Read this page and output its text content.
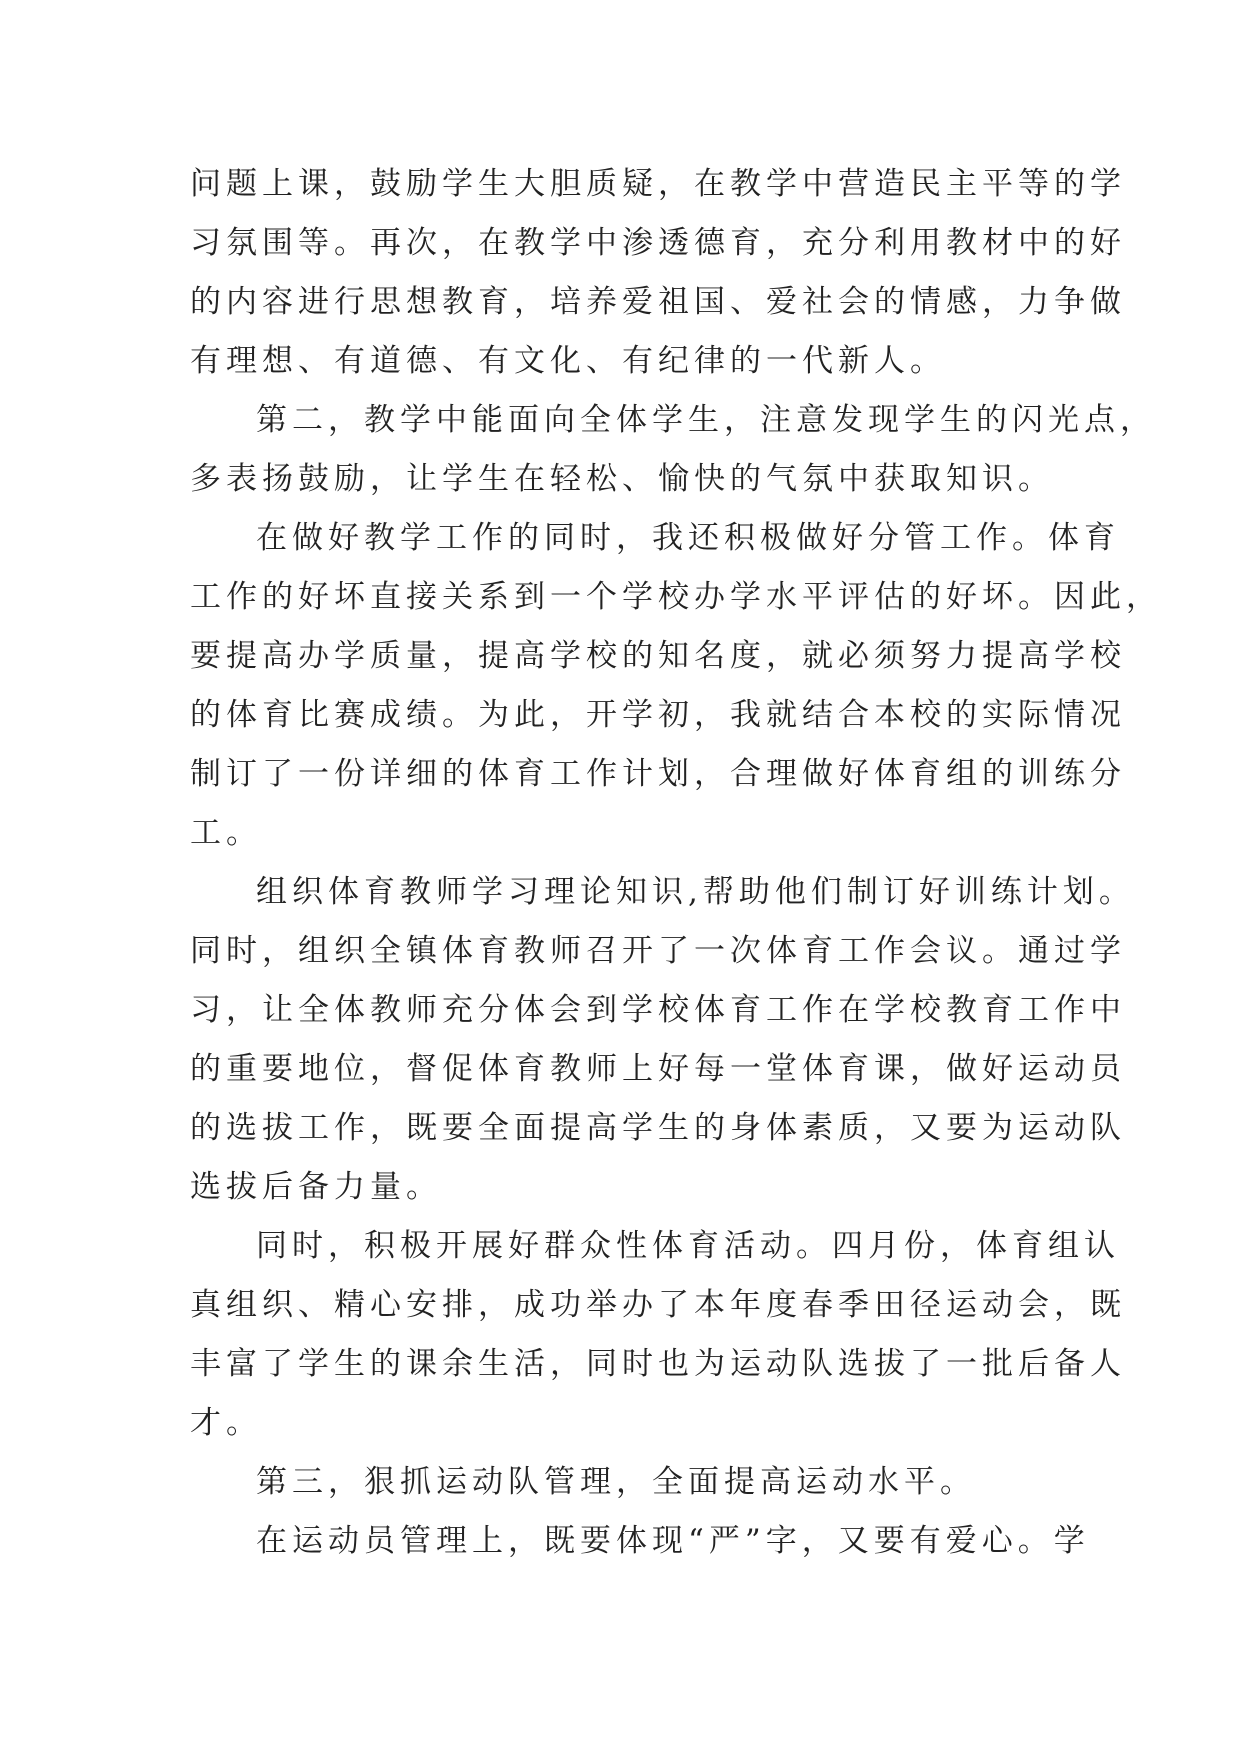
问题上课，鼓励学生大胆质疑，在教学中营造民主平等的学
习氛围等。再次，在教学中渗透德育，充分利用教材中的好
的内容进行思想教育，培养爱祖国、爱社会的情感，力争做
有理想、有道德、有文化、有纪律的一代新人。
第二，教学中能面向全体学生，注意发现学生的闪光点，
多表扬鼓励，让学生在轻松、愉快的气氛中获取知识。
在做好教学工作的同时，我还积极做好分管工作。体育
工作的好坏直接关系到一个学校办学水平评估的好坏。因此，
要提高办学质量，提高学校的知名度，就必须努力提高学校
的体育比赛成绩。为此，开学初，我就结合本校的实际情况
制订了一份详细的体育工作计划，合理做好体育组的训练分
工。
组织体育教师学习理论知识,帮助他们制订好训练计划。
同时，组织全镇体育教师召开了一次体育工作会议。通过学
习，让全体教师充分体会到学校体育工作在学校教育工作中
的重要地位，督促体育教师上好每一堂体育课，做好运动员
的选拔工作，既要全面提高学生的身体素质，又要为运动队
选拔后备力量。
同时，积极开展好群众性体育活动。四月份，体育组认
真组织、精心安排，成功举办了本年度春季田径运动会，既
丰富了学生的课余生活，同时也为运动队选拔了一批后备人
才。
第三，狠抓运动队管理，全面提高运动水平。
在运动员管理上，既要体现“严”字，又要有爱心。学
